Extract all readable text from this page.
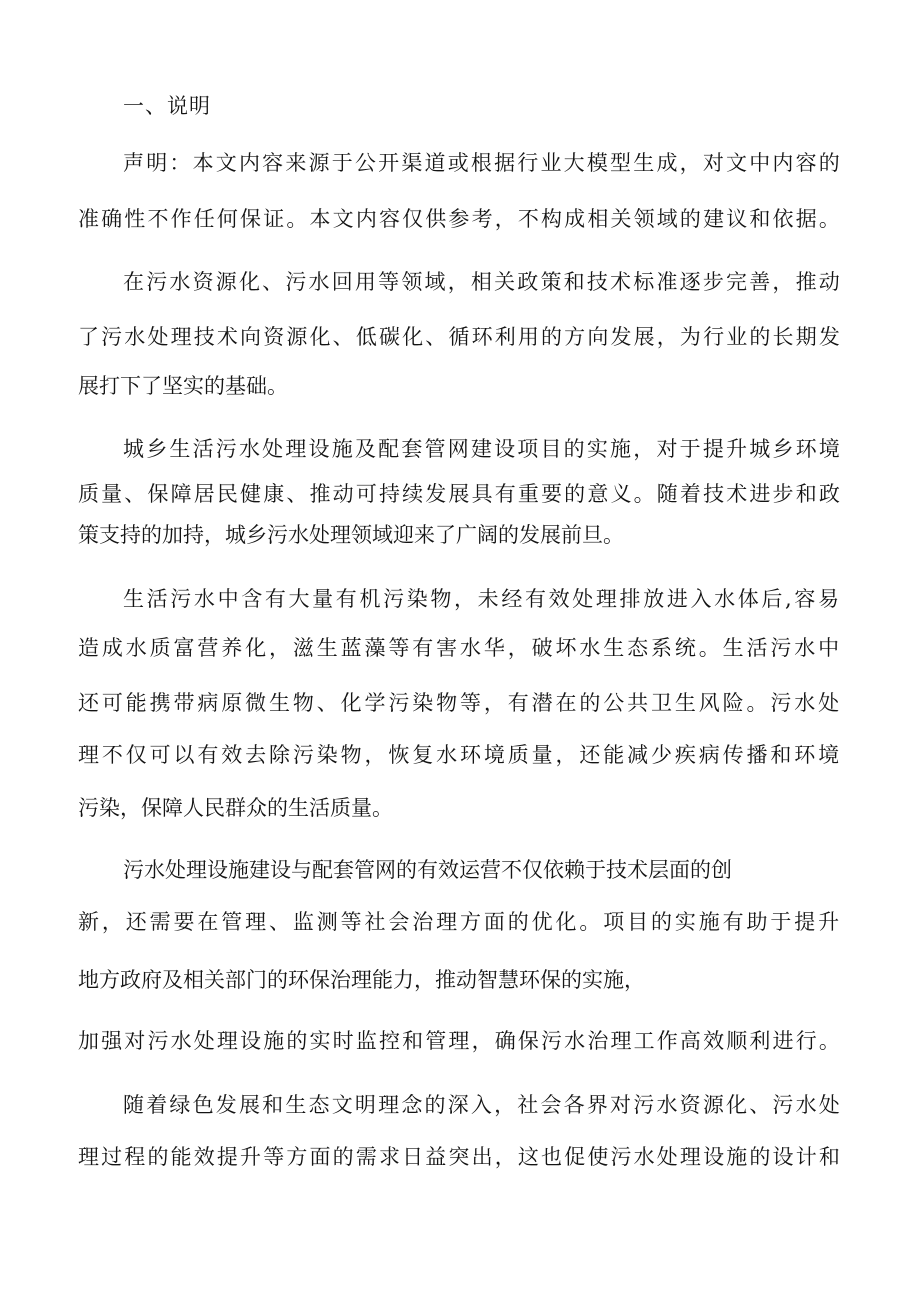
一、说明
声明：本文内容来源于公开渠道或根据行业大模型生成，对文中内容的
准确性不作任何保证。本文内容仅供参考，不构成相关领域的建议和依据。
在污水资源化、污水回用等领域，相关政策和技术标准逐步完善，推动
了污水处理技术向资源化、低碳化、循环利用的方向发展，为行业的长期发
展打下了坚实的基础。
城乡生活污水处理设施及配套管网建设项目的实施，对于提升城乡环境
质量、保障居民健康、推动可持续发展具有重要的意义。随着技术进步和政
策支持的加持，城乡污水处理领域迎来了广阔的发展前旦。
生活污水中含有大量有机污染物，未经有效处理排放进入水体后,容易
造成水质富营养化，滋生蓝藻等有害水华，破坏水生态系统。生活污水中
还可能携带病原微生物、化学污染物等，有潜在的公共卫生风险。污水处
理不仅可以有效去除污染物，恢复水环境质量，还能减少疾病传播和环境
污染，保障人民群众的生活质量。
污水处理设施建设与配套管网的有效运营不仅依赖于技术层面的创
新，还需要在管理、监测等社会治理方面的优化。项目的实施有助于提升
地方政府及相关部门的环保治理能力，推动智慧环保的实施，
加强对污水处理设施的实时监控和管理，确保污水治理工作高效顺利进行。
随着绿色发展和生态文明理念的深入，社会各界对污水资源化、污水处
理过程的能效提升等方面的需求日益突出，这也促使污水处理设施的设计和
